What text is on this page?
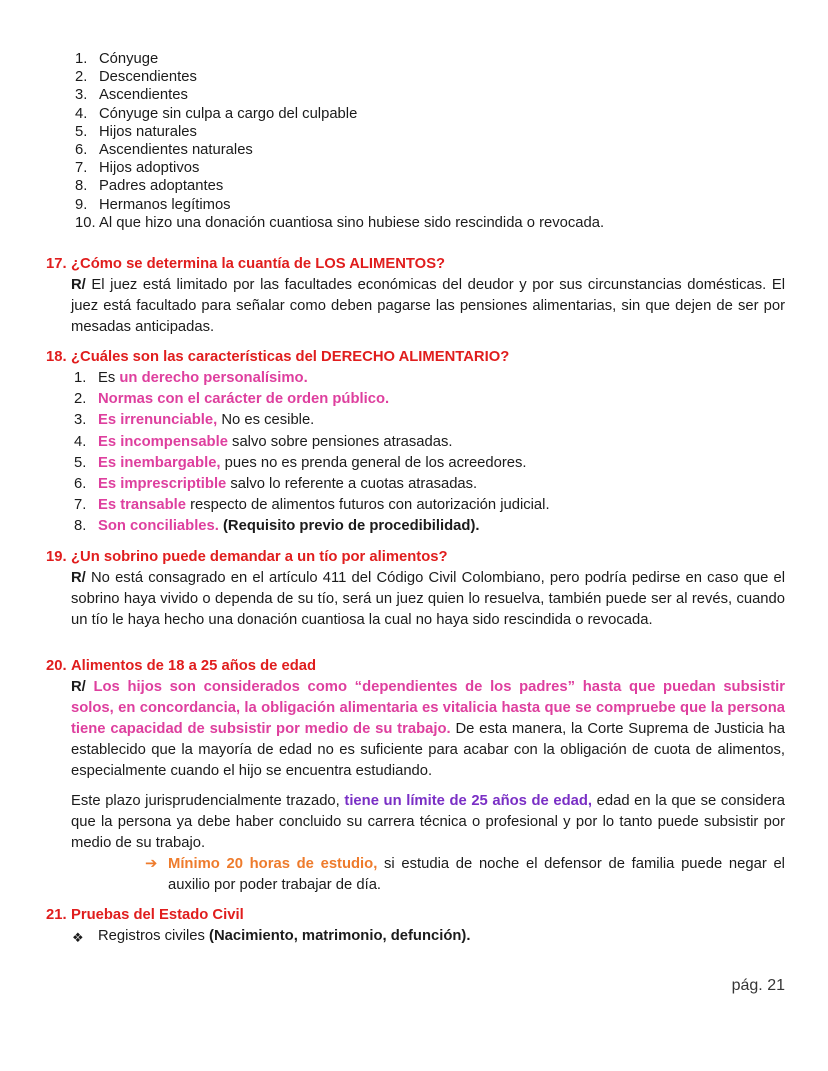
1. Cónyuge
2. Descendientes
3. Ascendientes
4. Cónyuge sin culpa a cargo del culpable
5. Hijos naturales
6. Ascendientes naturales
7. Hijos adoptivos
8. Padres adoptantes
9. Hermanos legítimos
10. Al que hizo una donación cuantiosa sino hubiese sido rescindida o revocada.
17. ¿Cómo se determina la cuantía de LOS ALIMENTOS?

R/ El juez está limitado por las facultades económicas del deudor y por sus circunstancias domésticas. El juez está facultado para señalar como deben pagarse las pensiones alimentarias, sin que dejen de ser por mesadas anticipadas.

18. ¿Cuáles son las características del DERECHO ALIMENTARIO?
1. Es un derecho personalísimo.
2. Normas con el carácter de orden público.
3. Es irrenunciable, No es cesible.
4. Es incompensable salvo sobre pensiones atrasadas.
5. Es inembargable, pues no es prenda general de los acreedores.
6. Es imprescriptible salvo lo referente a cuotas atrasadas.
7. Es transable respecto de alimentos futuros con autorización judicial.
8. Son conciliables. (Requisito previo de procedibilidad).
19. ¿Un sobrino puede demandar a un tío por alimentos?

R/ No está consagrado en el artículo 411 del Código Civil Colombiano, pero podría pedirse en caso que el sobrino haya vivido o dependa de su tío, será un juez quien lo resuelva, también puede ser al revés, cuando un tío le haya hecho una donación cuantiosa la cual no haya sido rescindida o revocada.

20. Alimentos de 18 a 25 años de edad

R/ Los hijos son considerados como “dependientes de los padres” hasta que puedan subsistir solos, en concordancia, la obligación alimentaria es vitalicia hasta que se compruebe que la persona tiene capacidad de subsistir por medio de su trabajo. De esta manera, la Corte Suprema de Justicia ha establecido que la mayoría de edad no es suficiente para acabar con la obligación de cuota de alimentos, especialmente cuando el hijo se encuentra estudiando.

Este plazo jurisprudencialmente trazado, tiene un límite de 25 años de edad, edad en la que se considera que la persona ya debe haber concluido su carrera técnica o profesional y por lo tanto puede subsistir por medio de su trabajo.

➔ Mínimo 20 horas de estudio, si estudia de noche el defensor de familia puede negar el auxilio por poder trabajar de día.
21. Pruebas del Estado Civil
❖ Registros civiles (Nacimiento, matrimonio, defunción).
pág. 21
